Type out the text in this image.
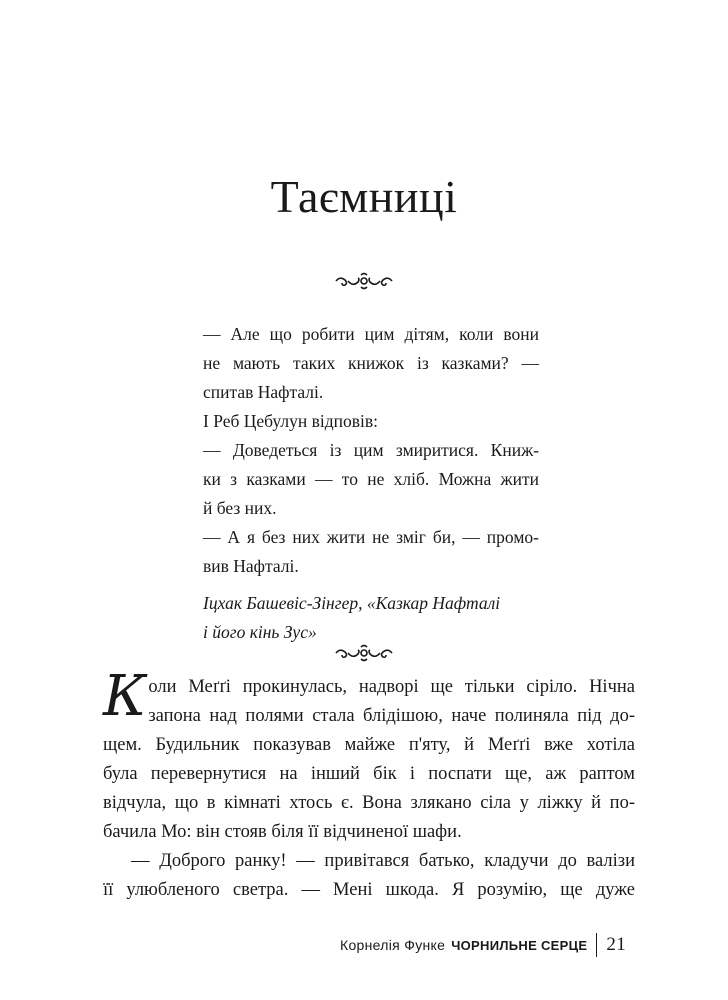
Таємниці
— Але що робити цим дітям, коли вони
не мають таких книжок із казками? —
спитав Нафталі.
І Реб Цебулун відповів:
— Доведеться із цим змиритися. Книж-
ки з казками — то не хліб. Можна жити
й без них.
— А я без них жити не зміг би, — промо-
вив Нафталі.
Іцхак Башевіс-Зінгер, «Казкар Нафталі
і його кінь Зус»
К оли Меґґі прокинулась, надворі ще тільки сіріло. Нічна
запона над полями стала блідішою, наче полиняла під до-
щем. Будильник показував майже п'яту, й Меґґі вже хотіла
була перевернутися на інший бік і поспати ще, аж раптом
відчула, що в кімнаті хтось є. Вона злякано сіла у ліжку й по-
бачила Мо: він стояв біля її відчиненої шафи.
— Доброго ранку! — привітався батько, кладучи до валізи
її улюбленого светра. — Мені шкода. Я розумію, ще дуже
Корнелія Функе ЧОРНИЛЬНЕ СЕРЦЕ 21
